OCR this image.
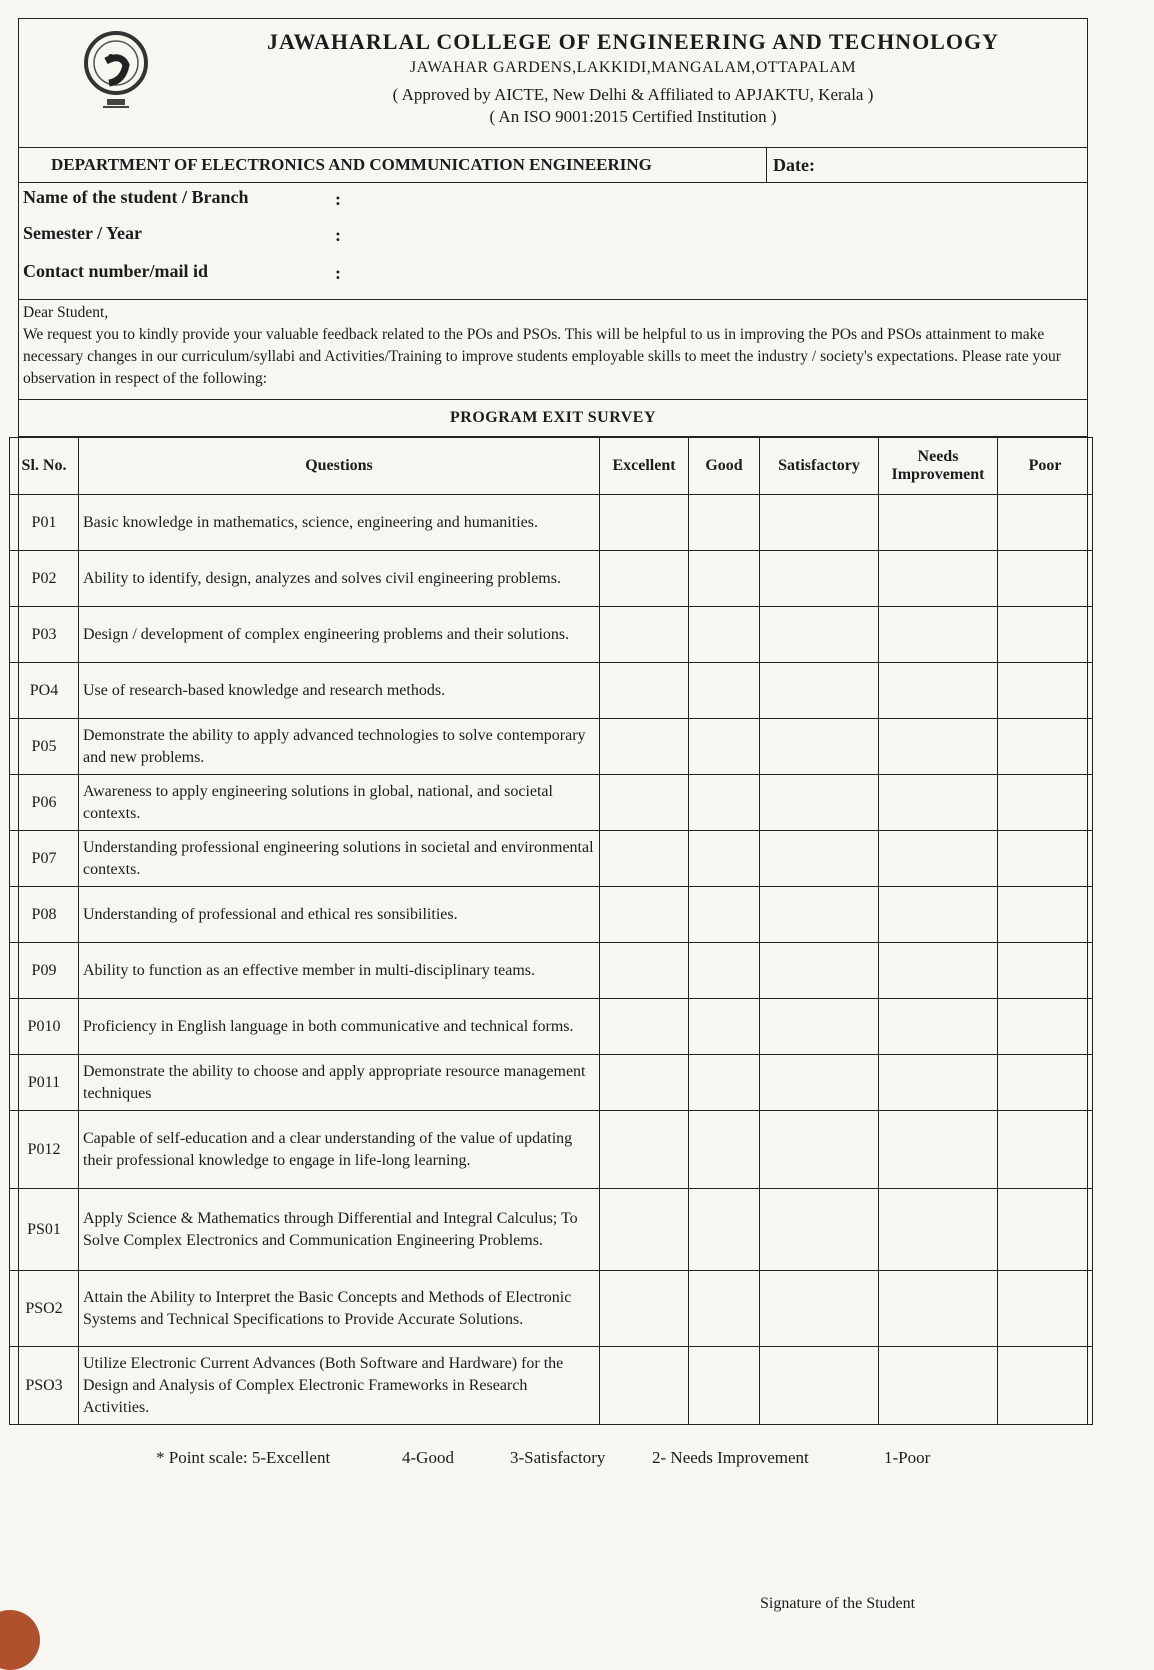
JAWAHARLAL COLLEGE OF ENGINEERING AND TECHNOLOGY
JAWAHAR GARDENS,LAKKIDI,MANGALAM,OTTAPALAM
( Approved by AICTE, New Delhi & Affiliated to APJAKTU, Kerala )
( An ISO 9001:2015 Certified Institution )
DEPARTMENT OF ELECTRONICS AND COMMUNICATION ENGINEERING	Date:
Name of the student / Branch	:
Semester / Year	:
Contact number/mail id	:
Dear Student,
We request you to kindly provide your valuable feedback related to the POs and PSOs. This will be helpful to us in improving the POs and PSOs attainment to make necessary changes in our curriculum/syllabi and Activities/Training to improve students employable skills to meet the industry / society's expectations. Please rate your observation in respect of the following:
PROGRAM EXIT SURVEY
Sl. No.	Questions	Excellent	Good	Satisfactory	Needs Improvement	Poor
P01	Basic knowledge in mathematics, science, engineering and humanities.					
P02	Ability to identify, design, analyzes and solves civil engineering problems.					
P03	Design / development of complex engineering problems and their solutions.					
PO4	Use of research-based knowledge and research methods.					
P05	Demonstrate the ability to apply advanced technologies to solve contemporary and new problems.					
P06	Awareness to apply engineering solutions in global, national, and societal contexts.					
P07	Understanding professional engineering solutions in societal and environmental contexts.					
P08	Understanding of professional and ethical res sonsibilities.					
P09	Ability to function as an effective member in multi-disciplinary teams.					
P010	Proficiency in English language in both communicative and technical forms.					
P011	Demonstrate the ability to choose and apply appropriate resource management techniques					
P012	Capable of self-education and a clear understanding of the value of updating their professional knowledge to engage in life-long learning.					
PS01	Apply Science & Mathematics through Differential and Integral Calculus; To Solve Complex Electronics and Communication Engineering Problems.					
PSO2	Attain the Ability to Interpret the Basic Concepts and Methods of Electronic Systems and Technical Specifications to Provide Accurate Solutions.					
PSO3	Utilize Electronic Current Advances (Both Software and Hardware) for the Design and Analysis of Complex Electronic Frameworks in Research Activities.					
* Point scale: 5-Excellent	4-Good	3-Satisfactory	2- Needs Improvement	1-Poor
Signature of the Student
